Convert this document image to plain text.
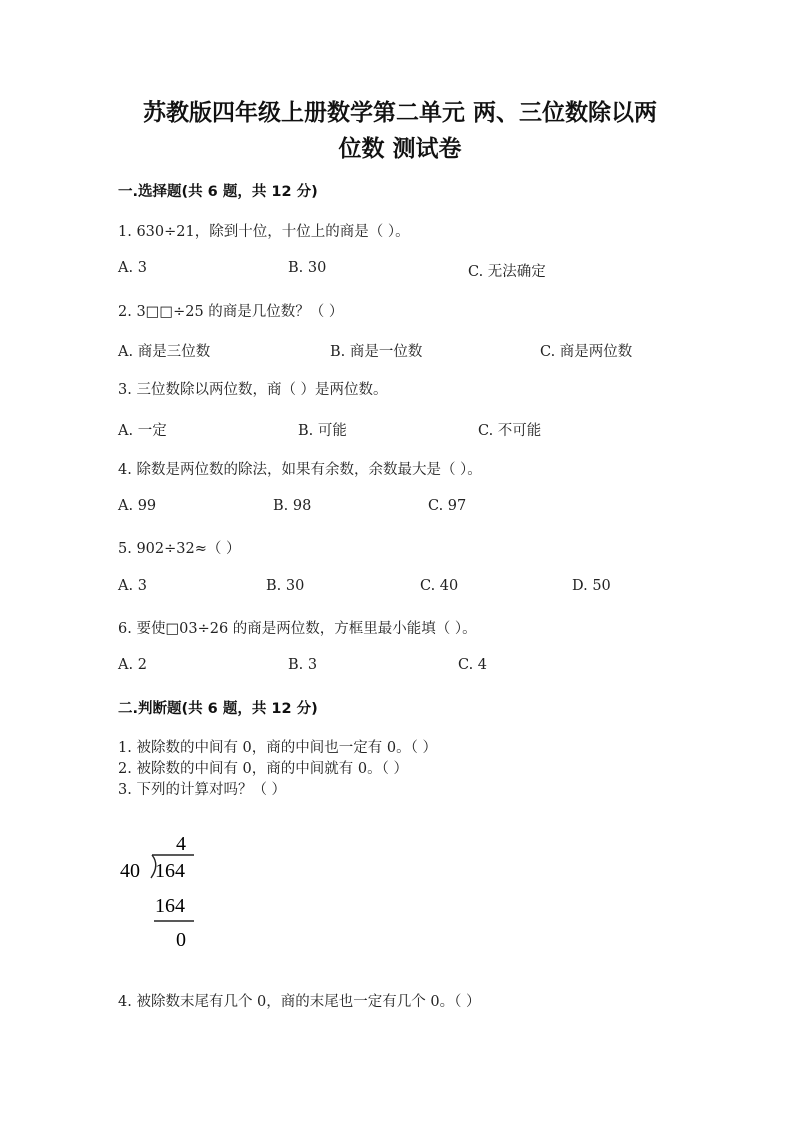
苏教版四年级上册数学第二单元 两、三位数除以两
位数 测试卷
一.选择题(共 6 题，共 12 分)
1. 630÷21，除到十位，十位上的商是（ ）。
A. 3	B. 30	C. 无法确定
2. 3□□÷25 的商是几位数？（ ）
A. 商是三位数	B. 商是一位数	C. 商是两位数
3. 三位数除以两位数，商（ ）是两位数。
A. 一定	B. 可能	C. 不可能
4. 除数是两位数的除法，如果有余数，余数最大是（ ）。
A. 99	B. 98	C. 97
5. 902÷32≈（ ）
A. 3	B. 30	C. 40	D. 50
6. 要使□03÷26 的商是两位数，方框里最小能填（ ）。
A. 2	B. 3	C. 4
二.判断题(共 6 题，共 12 分)
1. 被除数的中间有 0，商的中间也一定有 0。（ ）
2. 被除数的中间有 0，商的中间就有 0。（ ）
3. 下列的计算对吗？（ ）
4
40 164
164
0
4. 被除数末尾有几个 0，商的末尾也一定有几个 0。（ ）
